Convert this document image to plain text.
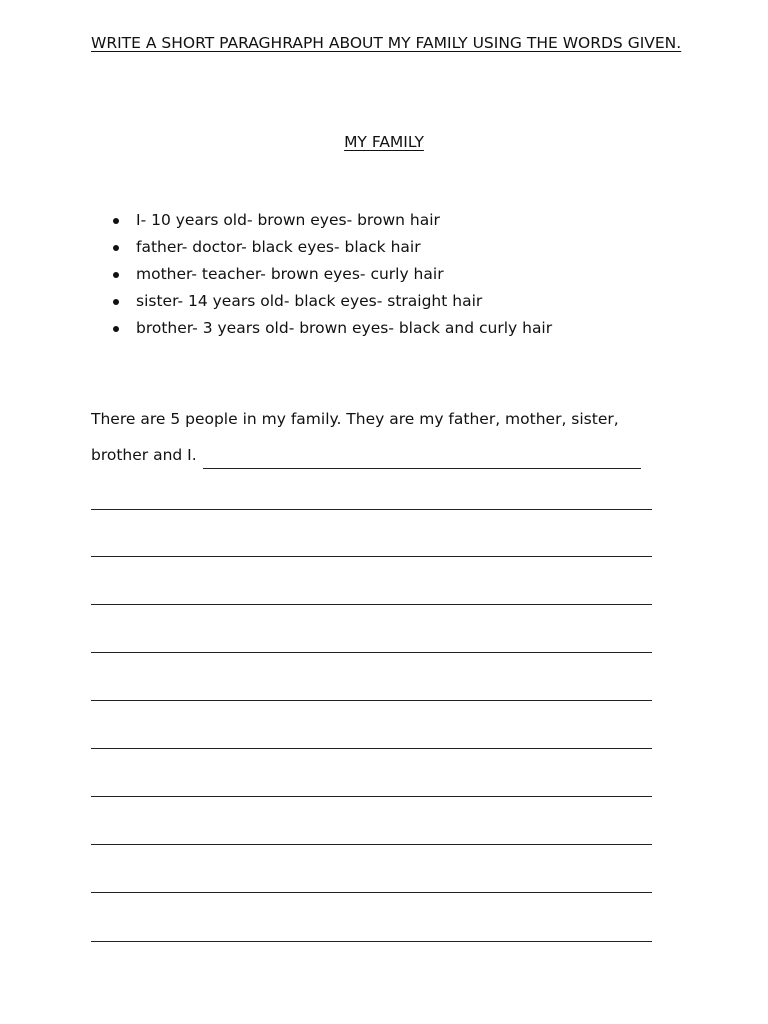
WRITE A SHORT PARAGHRAPH ABOUT MY FAMILY USING THE WORDS GIVEN.
MY FAMILY
I- 10 years old- brown eyes- brown hair
father- doctor- black eyes- black hair
mother- teacher- brown eyes- curly hair
sister- 14 years old- black eyes- straight hair
brother- 3 years old- brown eyes- black and curly hair
There are 5 people in my family. They are my father, mother, sister,
brother and I.
